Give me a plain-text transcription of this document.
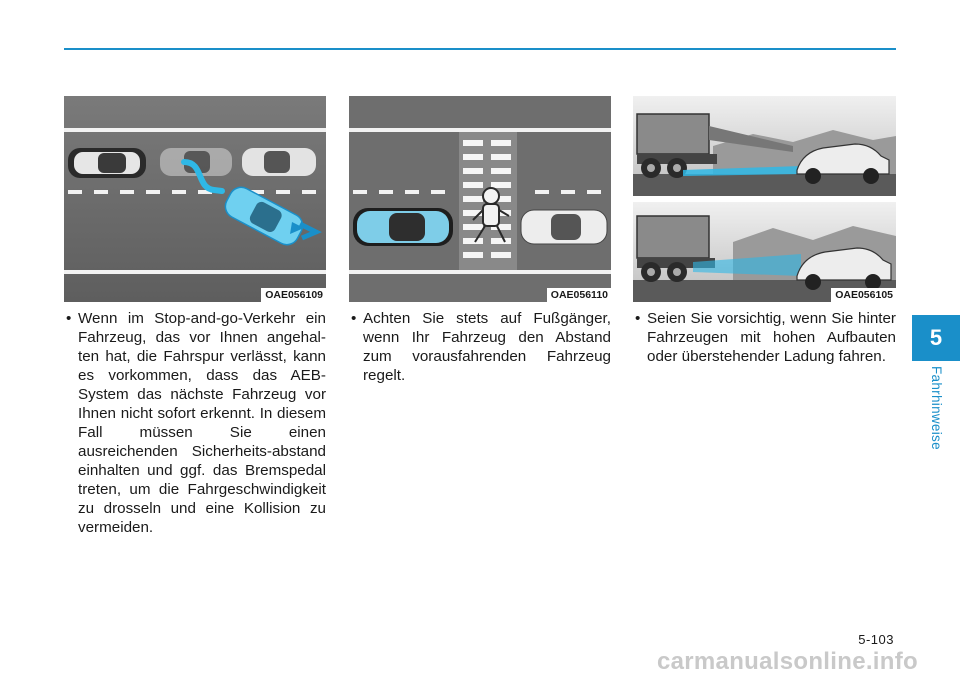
OAE056109	OAE056110	OAE056105

• Wenn im Stop-and-go-Verkehr ein Fahrzeug, das vor Ihnen angehal-ten hat, die Fahrspur verlässt, kann es vorkommen, dass das AEB-System das nächste Fahrzeug vor Ihnen nicht sofort erkennt. In diesem Fall müssen Sie einen ausreichenden Sicherheits-abstand einhalten und ggf. das Bremspedal treten, um die Fahrgeschwindigkeit zu drosseln und eine Kollision zu vermeiden.

• Achten Sie stets auf Fußgänger, wenn Ihr Fahrzeug den Abstand zum vorausfahrenden Fahrzeug regelt.

• Seien Sie vorsichtig, wenn Sie hinter Fahrzeugen mit hohen Aufbauten oder überstehender Ladung fahren.

5
Fahrhinweise
5-103
carmanualsonline.info
